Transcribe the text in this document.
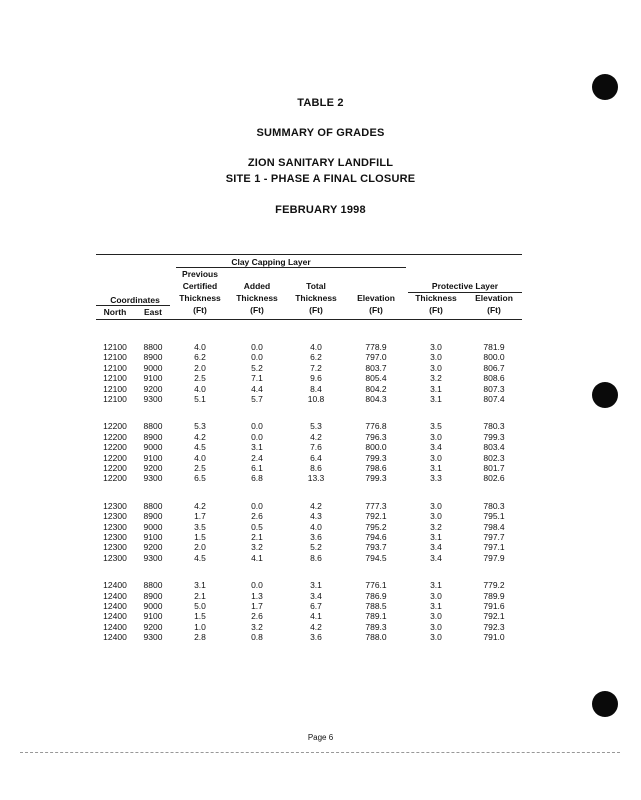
TABLE 2
SUMMARY OF GRADES
ZION SANITARY LANDFILL
SITE 1 - PHASE A FINAL CLOSURE
FEBRUARY 1998
Clay Capping Layer
Protective Layer
Previous
Certified
Thickness
(Ft)
Added
Thickness
(Ft)
Total
Thickness
(Ft)
Elevation
(Ft)
Thickness
(Ft)
Elevation
(Ft)
Coordinates
North	East
12100	8800	4.0	0.0	4.0	778.9	3.0	781.9
12100	8900	6.2	0.0	6.2	797.0	3.0	800.0
12100	9000	2.0	5.2	7.2	803.7	3.0	806.7
12100	9100	2.5	7.1	9.6	805.4	3.2	808.6
12100	9200	4.0	4.4	8.4	804.2	3.1	807.3
12100	9300	5.1	5.7	10.8	804.3	3.1	807.4
12200	8800	5.3	0.0	5.3	776.8	3.5	780.3
12200	8900	4.2	0.0	4.2	796.3	3.0	799.3
12200	9000	4.5	3.1	7.6	800.0	3.4	803.4
12200	9100	4.0	2.4	6.4	799.3	3.0	802.3
12200	9200	2.5	6.1	8.6	798.6	3.1	801.7
12200	9300	6.5	6.8	13.3	799.3	3.3	802.6
12300	8800	4.2	0.0	4.2	777.3	3.0	780.3
12300	8900	1.7	2.6	4.3	792.1	3.0	795.1
12300	9000	3.5	0.5	4.0	795.2	3.2	798.4
12300	9100	1.5	2.1	3.6	794.6	3.1	797.7
12300	9200	2.0	3.2	5.2	793.7	3.4	797.1
12300	9300	4.5	4.1	8.6	794.5	3.4	797.9
12400	8800	3.1	0.0	3.1	776.1	3.1	779.2
12400	8900	2.1	1.3	3.4	786.9	3.0	789.9
12400	9000	5.0	1.7	6.7	788.5	3.1	791.6
12400	9100	1.5	2.6	4.1	789.1	3.0	792.1
12400	9200	1.0	3.2	4.2	789.3	3.0	792.3
12400	9300	2.8	0.8	3.6	788.0	3.0	791.0
Page 6
